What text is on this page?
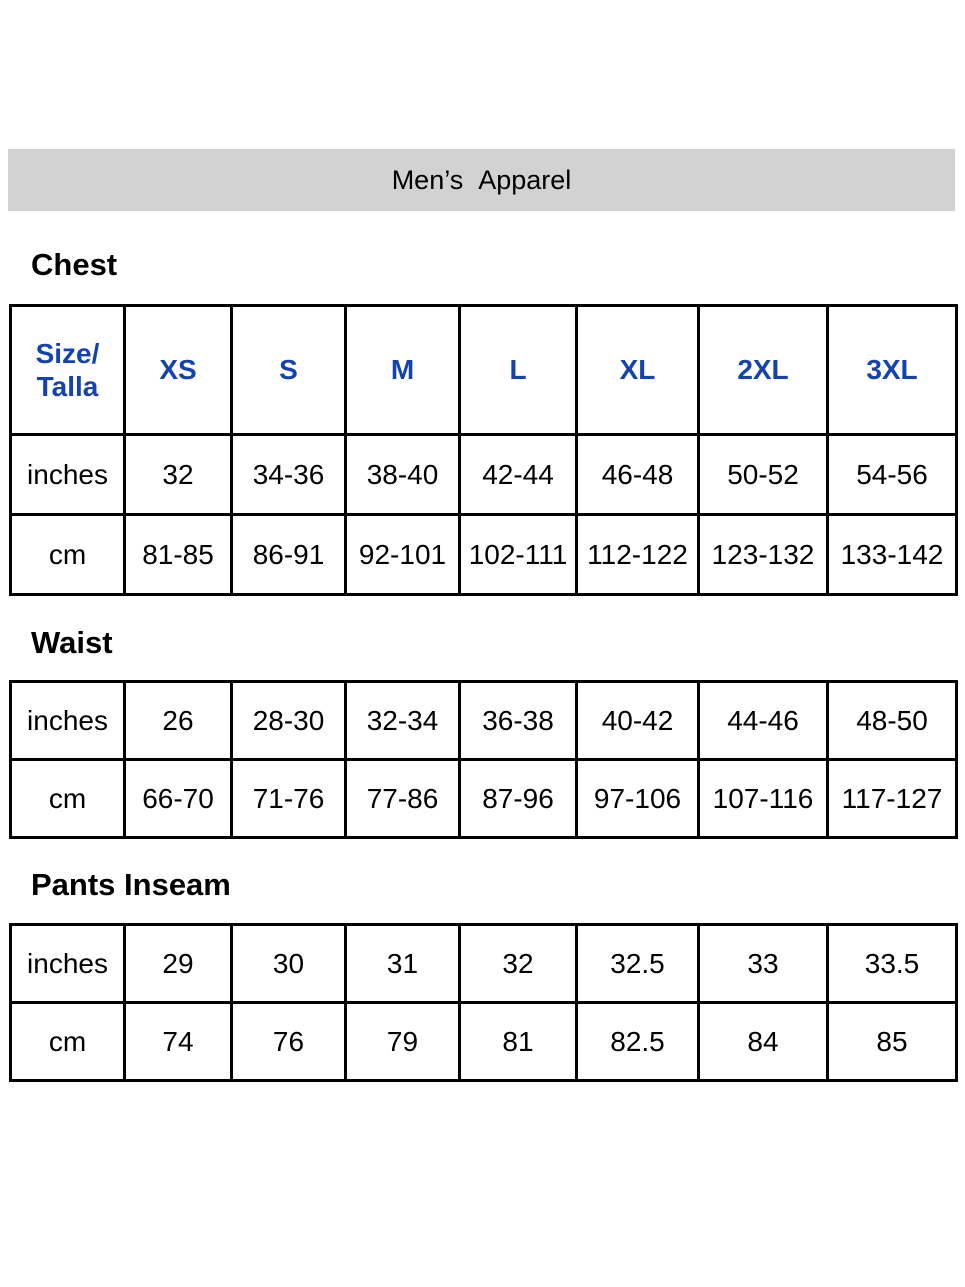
Men’s Apparel
Chest
Size/
Talla	XS	S	M	L	XL	2XL	3XL
inches	32	34-36	38-40	42-44	46-48	50-52	54-56
cm	81-85	86-91	92-101	102-111	112-122	123-132	133-142
Waist
inches	26	28-30	32-34	36-38	40-42	44-46	48-50
cm	66-70	71-76	77-86	87-96	97-106	107-116	117-127
Pants Inseam
inches	29	30	31	32	32.5	33	33.5
cm	74	76	79	81	82.5	84	85
